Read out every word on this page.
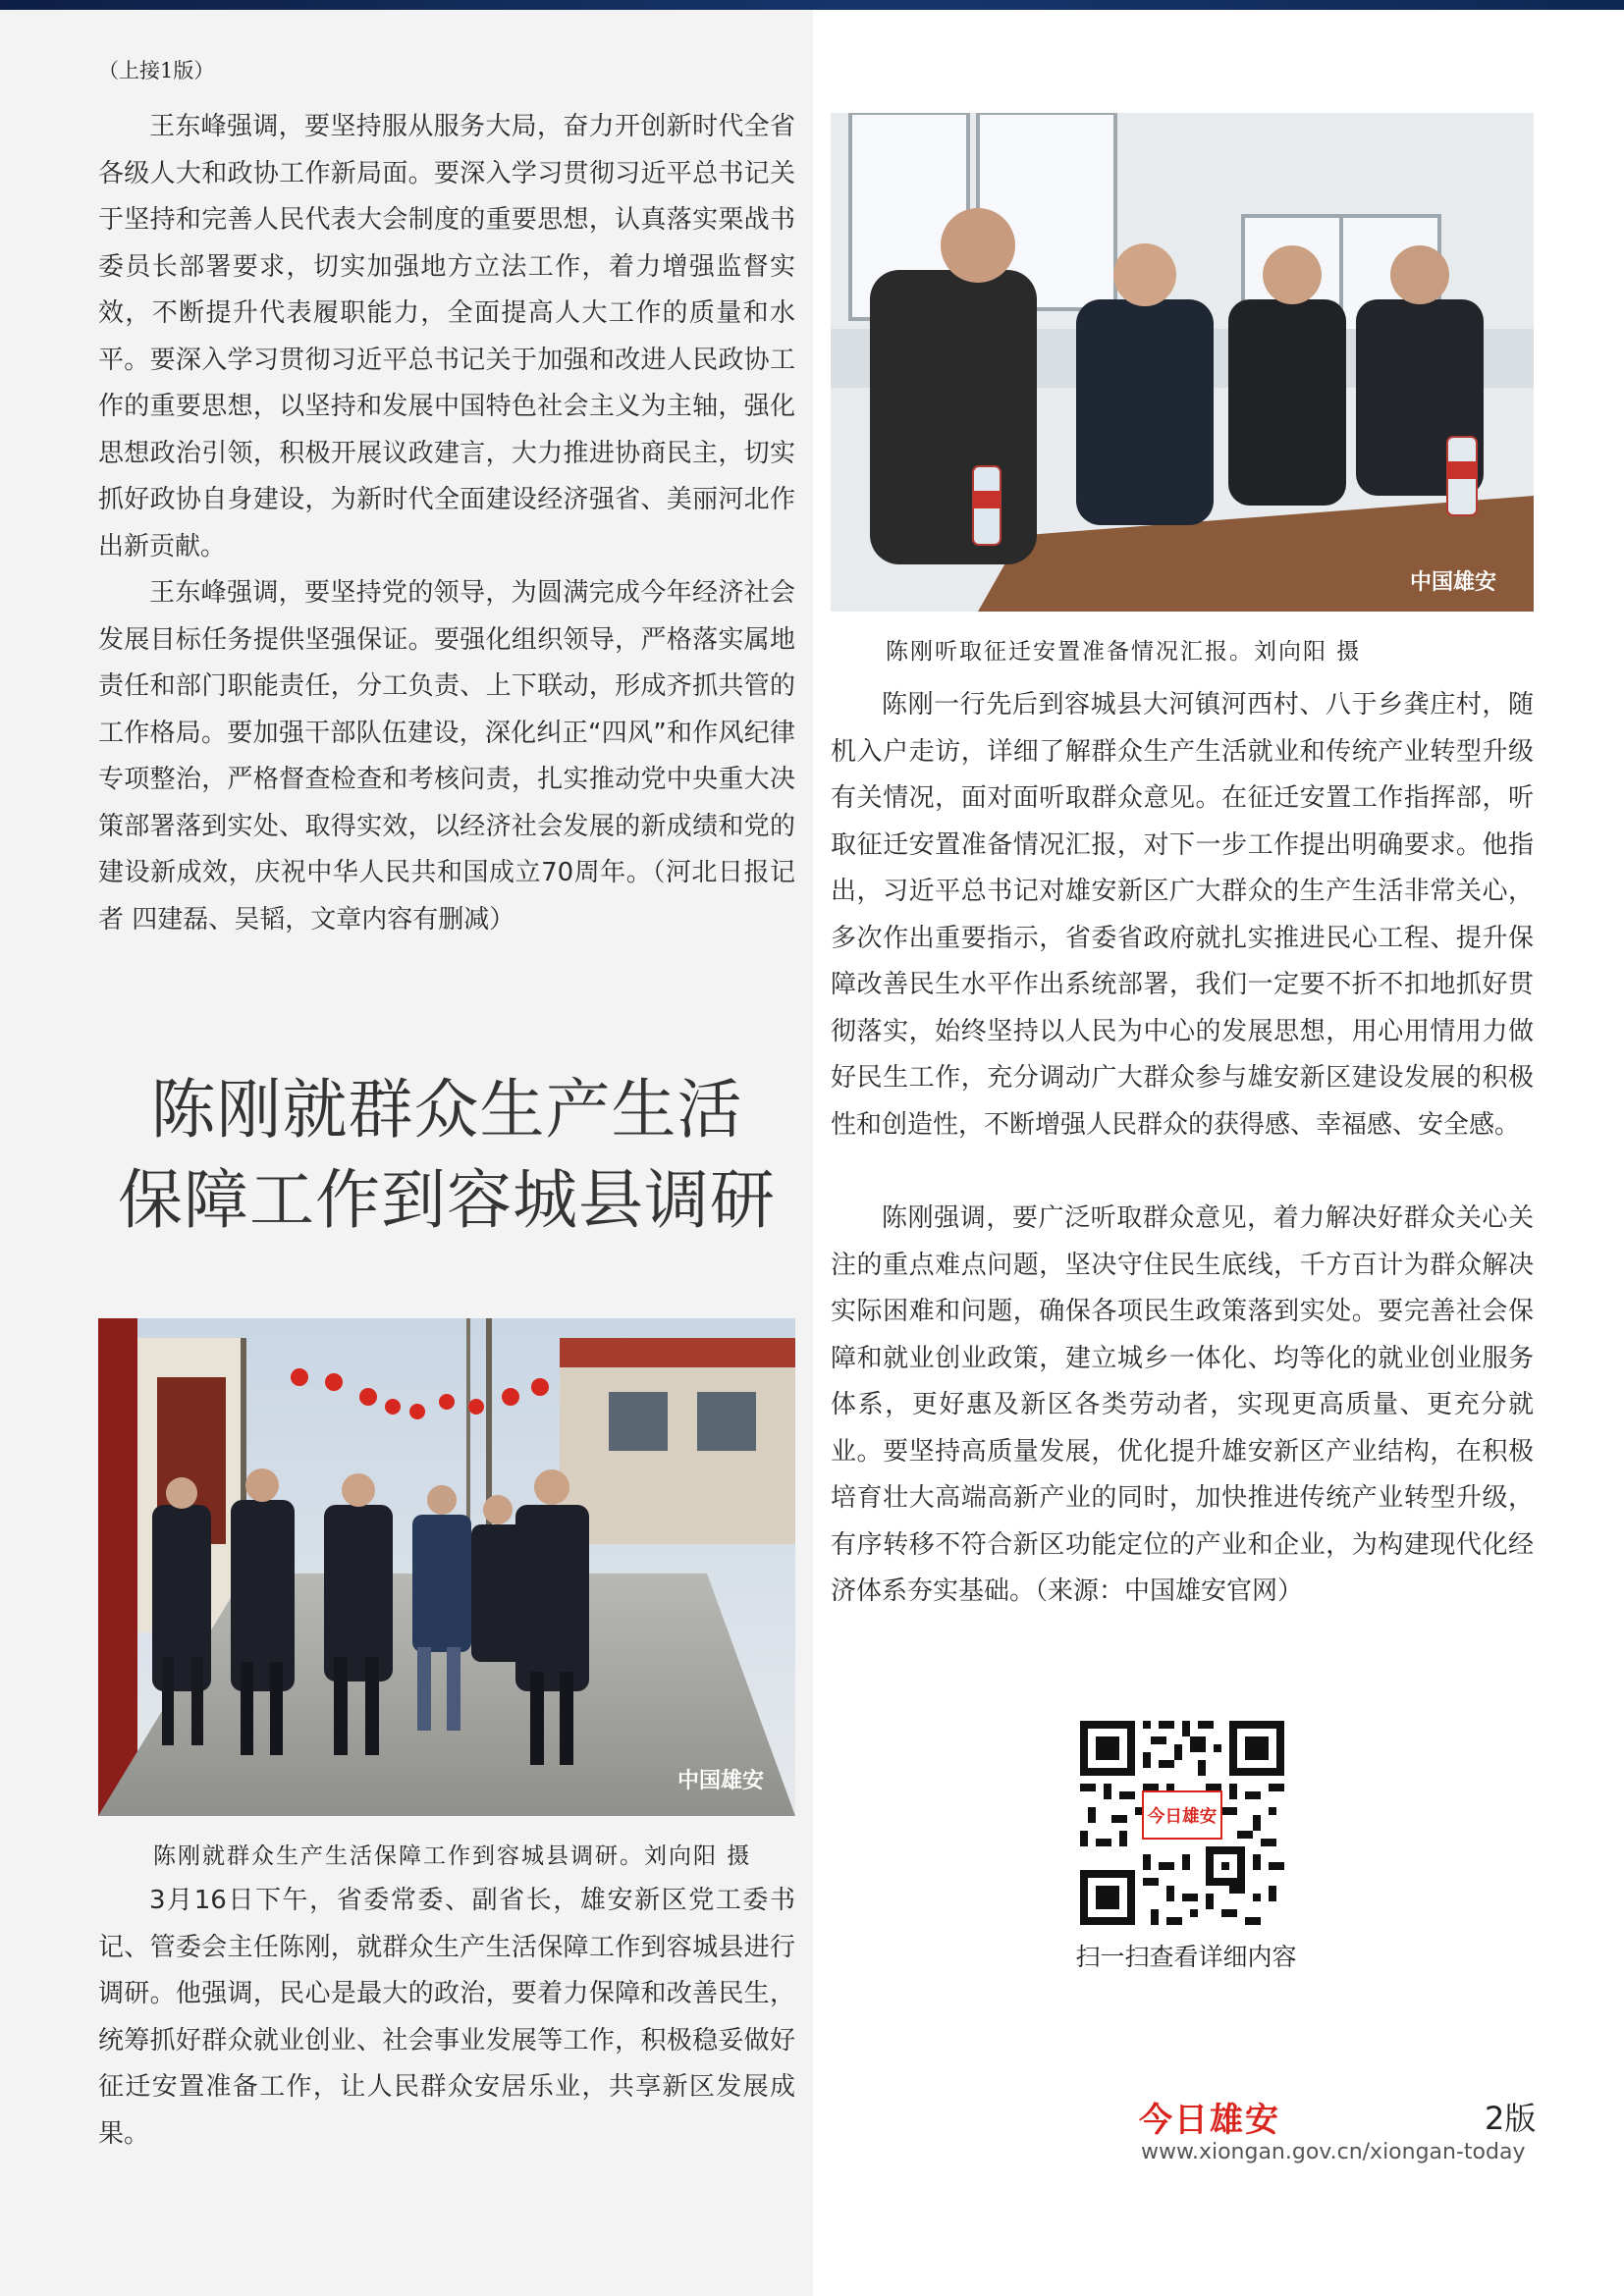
（上接1版）

王东峰强调，要坚持服从服务大局，奋力开创新时代全省各级人大和政协工作新局面。要深入学习贯彻习近平总书记关于坚持和完善人民代表大会制度的重要思想，认真落实栗战书委员长部署要求，切实加强地方立法工作，着力增强监督实效，不断提升代表履职能力，全面提高人大工作的质量和水平。要深入学习贯彻习近平总书记关于加强和改进人民政协工作的重要思想，以坚持和发展中国特色社会主义为主轴，强化思想政治引领，积极开展议政建言，大力推进协商民主，切实抓好政协自身建设，为新时代全面建设经济强省、美丽河北作出新贡献。

王东峰强调，要坚持党的领导，为圆满完成今年经济社会发展目标任务提供坚强保证。要强化组织领导，严格落实属地责任和部门职能责任，分工负责、上下联动，形成齐抓共管的工作格局。要加强干部队伍建设，深化纠正“四风”和作风纪律专项整治，严格督查检查和考核问责，扎实推动党中央重大决策部署落到实处、取得实效，以经济社会发展的新成绩和党的建设新成效，庆祝中华人民共和国成立70周年。（河北日报记者 四建磊、吴韬，文章内容有删减）

陈刚就群众生产生活
保障工作到容城县调研
中国雄安

陈刚就群众生产生活保障工作到容城县调研。刘向阳 摄

3月16日下午，省委常委、副省长，雄安新区党工委书记、管委会主任陈刚，就群众生产生活保障工作到容城县进行调研。他强调，民心是最大的政治，要着力保障和改善民生，统筹抓好群众就业创业、社会事业发展等工作，积极稳妥做好征迁安置准备工作，让人民群众安居乐业，共享新区发展成果。

中国雄安

陈刚听取征迁安置准备情况汇报。刘向阳 摄

陈刚一行先后到容城县大河镇河西村、八于乡龚庄村，随机入户走访，详细了解群众生产生活就业和传统产业转型升级有关情况，面对面听取群众意见。在征迁安置工作指挥部，听取征迁安置准备情况汇报，对下一步工作提出明确要求。他指出，习近平总书记对雄安新区广大群众的生产生活非常关心，多次作出重要指示，省委省政府就扎实推进民心工程、提升保障改善民生水平作出系统部署，我们一定要不折不扣地抓好贯彻落实，始终坚持以人民为中心的发展思想，用心用情用力做好民生工作，充分调动广大群众参与雄安新区建设发展的积极性和创造性，不断增强人民群众的获得感、幸福感、安全感。

陈刚强调，要广泛听取群众意见，着力解决好群众关心关注的重点难点问题，坚决守住民生底线，千方百计为群众解决实际困难和问题，确保各项民生政策落到实处。要完善社会保障和就业创业政策，建立城乡一体化、均等化的就业创业服务体系，更好惠及新区各类劳动者，实现更高质量、更充分就业。要坚持高质量发展，优化提升雄安新区产业结构，在积极培育壮大高端高新产业的同时，加快推进传统产业转型升级，有序转移不符合新区功能定位的产业和企业，为构建现代化经济体系夯实基础。（来源：中国雄安官网）

今日雄安
扫一扫查看详细内容
今日雄安	2版
www.xiongan.gov.cn/xiongan-today
